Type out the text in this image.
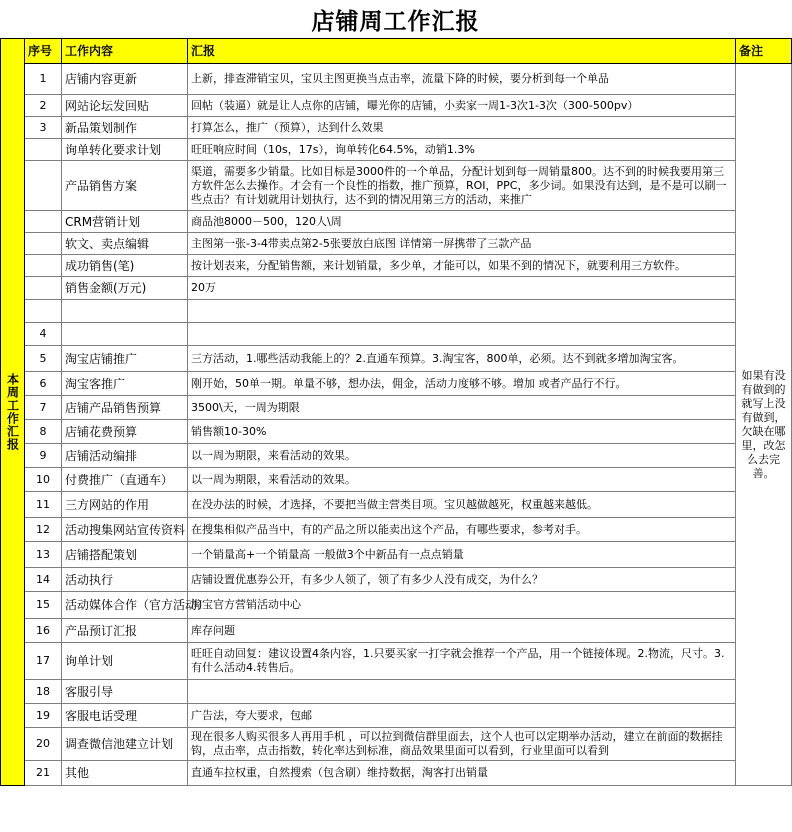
店铺周工作汇报
本周工作汇报	序号	工作内容	汇报	备注
	1	店铺内容更新	上新，排查滞销宝贝，宝贝主图更换当点击率，流量下降的时候，要分析到每一个单品	如果有没有做到的就写上没有做到，欠缺在哪里，改怎么去完善。
	2	网站论坛发回贴	回帖（装逼）就是让人点你的店铺，曝光你的店铺，小卖家一周1-3次1-3次（300-500pv）	
	3	新品策划制作	打算怎么，推广（预算），达到什么效果	
		询单转化要求计划	旺旺响应时间（10s，17s），询单转化64.5%，动销1.3%	
		产品销售方案	渠道，需要多少销量。比如目标是3000件的一个单品，分配计划到每一周销量800。达不到的时候我要用第三方软件怎么去操作。才会有一个良性的指数，推广预算，ROI，PPC，多少词。如果没有达到，是不是可以刷一些点击？有计划就用计划执行，达不到的情况用第三方的活动，来推广	
		CRM营销计划	商品池8000－500，120人\周	
		软文、卖点编辑	主图第一张-3-4带卖点第2-5张要放白底图 详情第一屏携带了三款产品	
		成功销售(笔)	按计划表来，分配销售额，来计划销量，多少单，才能可以，如果不到的情况下，就要利用三方软件。	
		销售金额(万元)	20万	

	4			
	5	淘宝店铺推广	三方活动，1.哪些活动我能上的？2.直通车预算。3.淘宝客，800单，必须。达不到就多增加淘宝客。	
	6	淘宝客推广	刚开始，50单一期。单量不够，想办法，佣金，活动力度够不够。增加 或者产品行不行。	
	7	店铺产品销售预算	3500\天，一周为期限	
	8	店铺花费预算	销售额10-30%	
	9	店铺活动编排	以一周为期限，来看活动的效果。	
	10	付费推广（直通车）	以一周为期限，来看活动的效果。	
	11	三方网站的作用	在没办法的时候，才选择，不要把当做主营类目项。宝贝越做越死，权重越来越低。	
	12	活动搜集网站宣传资料	在搜集相似产品当中，有的产品之所以能卖出这个产品，有哪些要求，参考对手。	
	13	店铺搭配策划	一个销量高+一个销量高 一般做3个中新品有一点点销量	
	14	活动执行	店铺设置优惠券公开，有多少人领了，领了有多少人没有成交，为什么？	
	15	活动媒体合作（官方活动）	淘宝官方营销活动中心	
	16	产品预订汇报	库存问题	
	17	询单计划	旺旺自动回复：建议设置4条内容，1.只要买家一打字就会推荐一个产品，用一个链接体现。2.物流，尺寸。3.有什么活动4.转售后。	
	18	客服引导		
	19	客服电话受理	广告法，夸大要求，包邮	
	20	调查微信池建立计划	现在很多人购买很多人再用手机 ，可以拉到微信群里面去，这个人也可以定期举办活动，建立在前面的数据挂钩，点击率，点击指数，转化率达到标准，商品效果里面可以看到，行业里面可以看到	
	21	其他	直通车拉权重，自然搜索（包含刷）维持数据，淘客打出销量	
